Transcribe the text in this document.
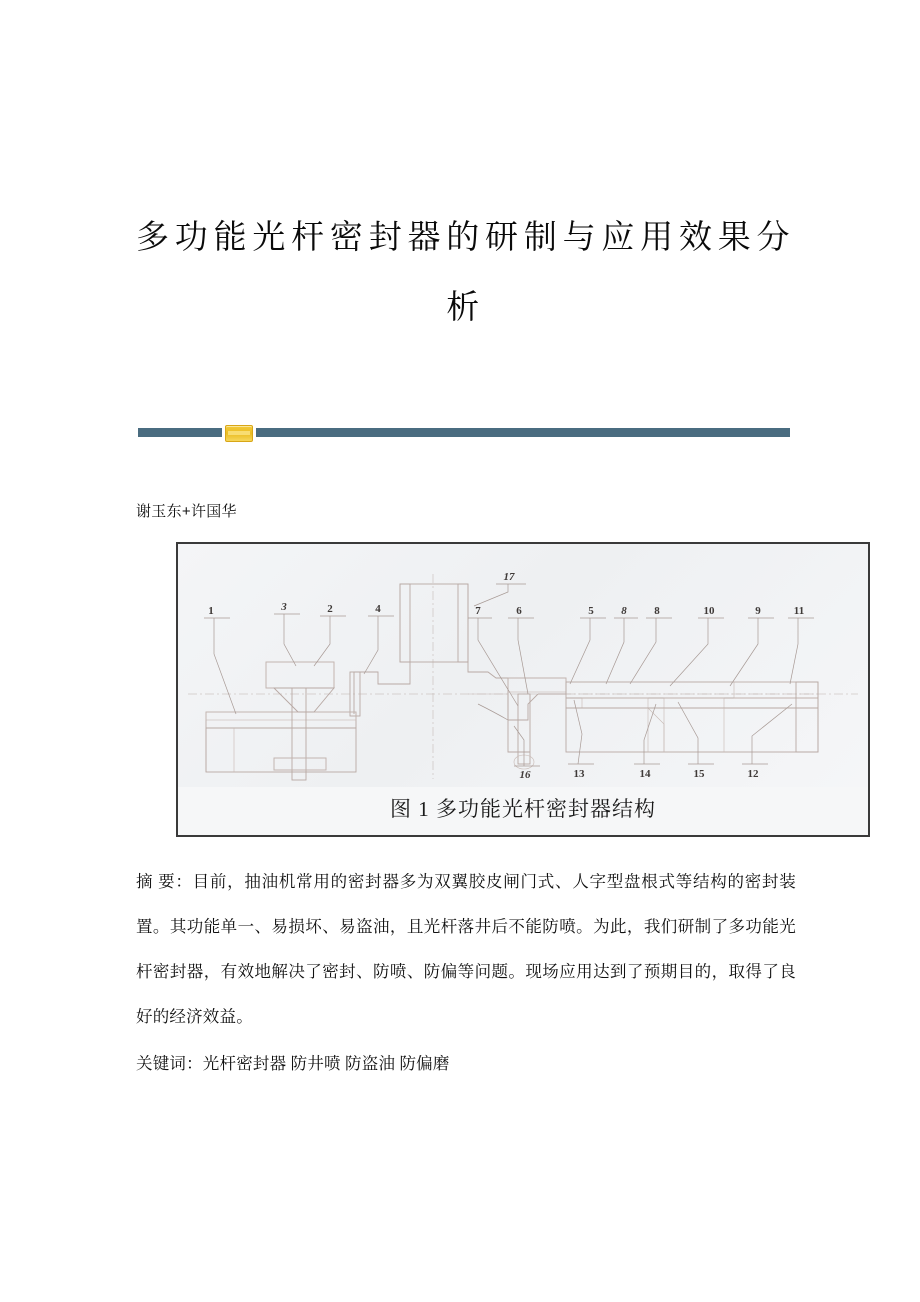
多功能光杆密封器的研制与应用效果分
析

谢玉东+许国华

1	3	2	4
17
7	6	5	8	8	10	9	11
16	13	14	15	12
图 1 多功能光杆密封器结构

摘 要：目前，抽油机常用的密封器多为双翼胶皮闸门式、人字型盘根式等结构的密封装置。其功能单一、易损坏、易盗油，且光杆落井后不能防喷。为此，我们研制了多功能光杆密封器，有效地解决了密封、防喷、防偏等问题。现场应用达到了预期目的，取得了良好的经济效益。

关键词：光杆密封器 防井喷 防盗油 防偏磨
